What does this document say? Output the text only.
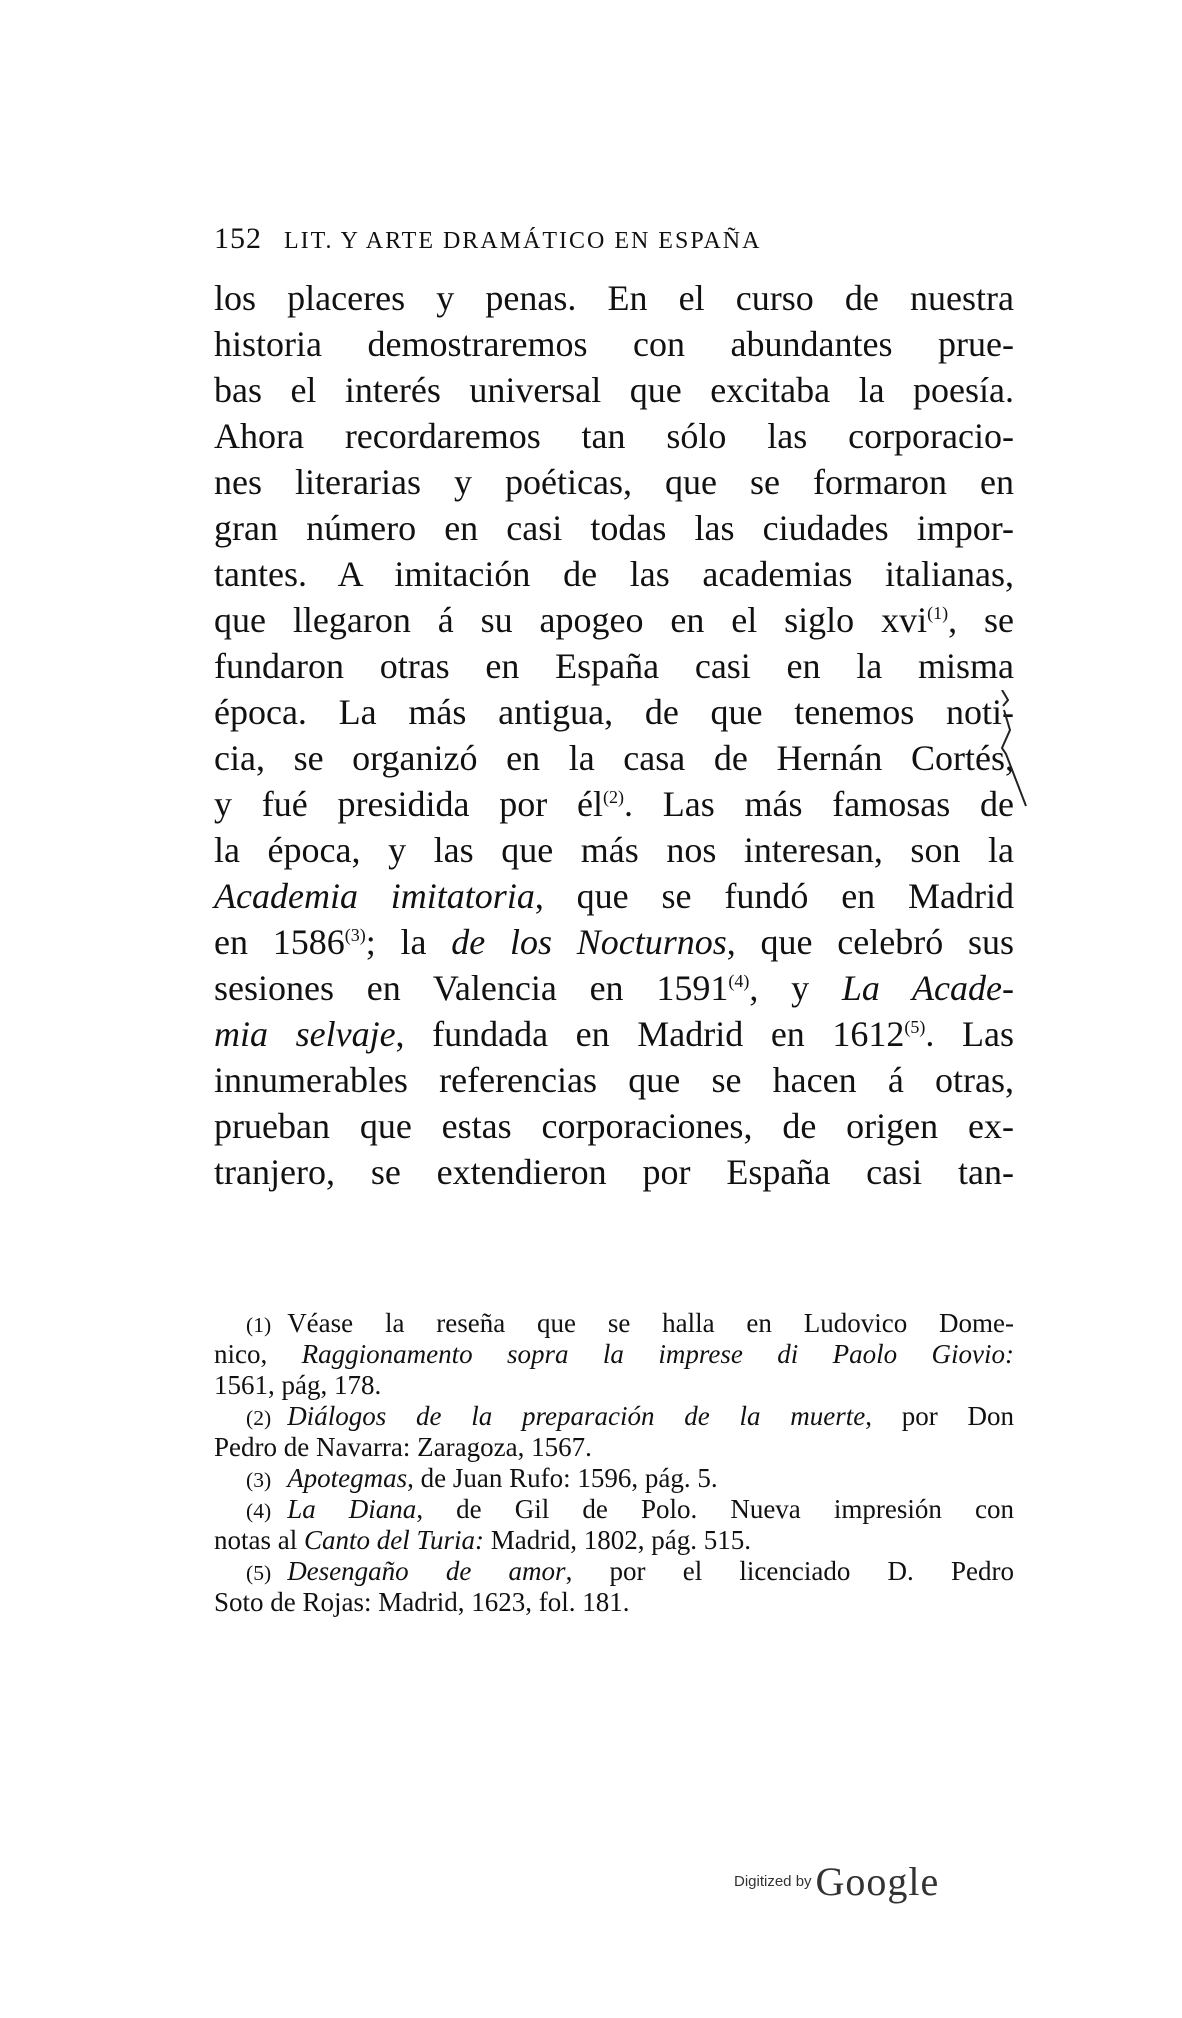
152 LIT. Y ARTE DRAMÁTICO EN ESPAÑA
los placeres y penas. En el curso de nuestra
historia demostraremos con abundantes prue-
bas el interés universal que excitaba la poesía.
Ahora recordaremos tan sólo las corporacio-
nes literarias y poéticas, que se formaron en
gran número en casi todas las ciudades impor-
tantes. A imitación de las academias italianas,
que llegaron á su apogeo en el siglo xvi$^{(1)}$, se
fundaron otras en España casi en la misma
época. La más antigua, de que tenemos noti-
cia, se organizó en la casa de Hernán Cortés,
y fué presidida por él$^{(2)}$. Las más famosas de
la época, y las que más nos interesan, son la
Academia imitatoria, que se fundó en Madrid
en 1586$^{(3)}$; la de los Nocturnos, que celebró sus
sesiones en Valencia en 1591$^{(4)}$, y La Acade-
mia selvaje, fundada en Madrid en 1612$^{(5)}$. Las
innumerables referencias que se hacen á otras,
prueban que estas corporaciones, de origen ex-
tranjero, se extendieron por España casi tan-
(1) Véase la reseña que se halla en Ludovico Dome-
nico, Raggionamento sopra la imprese di Paolo Giovio:
1561, pág, 178.
(2) Diálogos de la preparación de la muerte, por Don
Pedro de Navarra: Zaragoza, 1567.
(3) Apotegmas, de Juan Rufo: 1596, pág. 5.
(4) La Diana, de Gil de Polo. Nueva impresión con
notas al Canto del Turia: Madrid, 1802, pág. 515.
(5) Desengaño de amor, por el licenciado D. Pedro
Soto de Rojas: Madrid, 1623, fol. 181.
Digitized by Google
